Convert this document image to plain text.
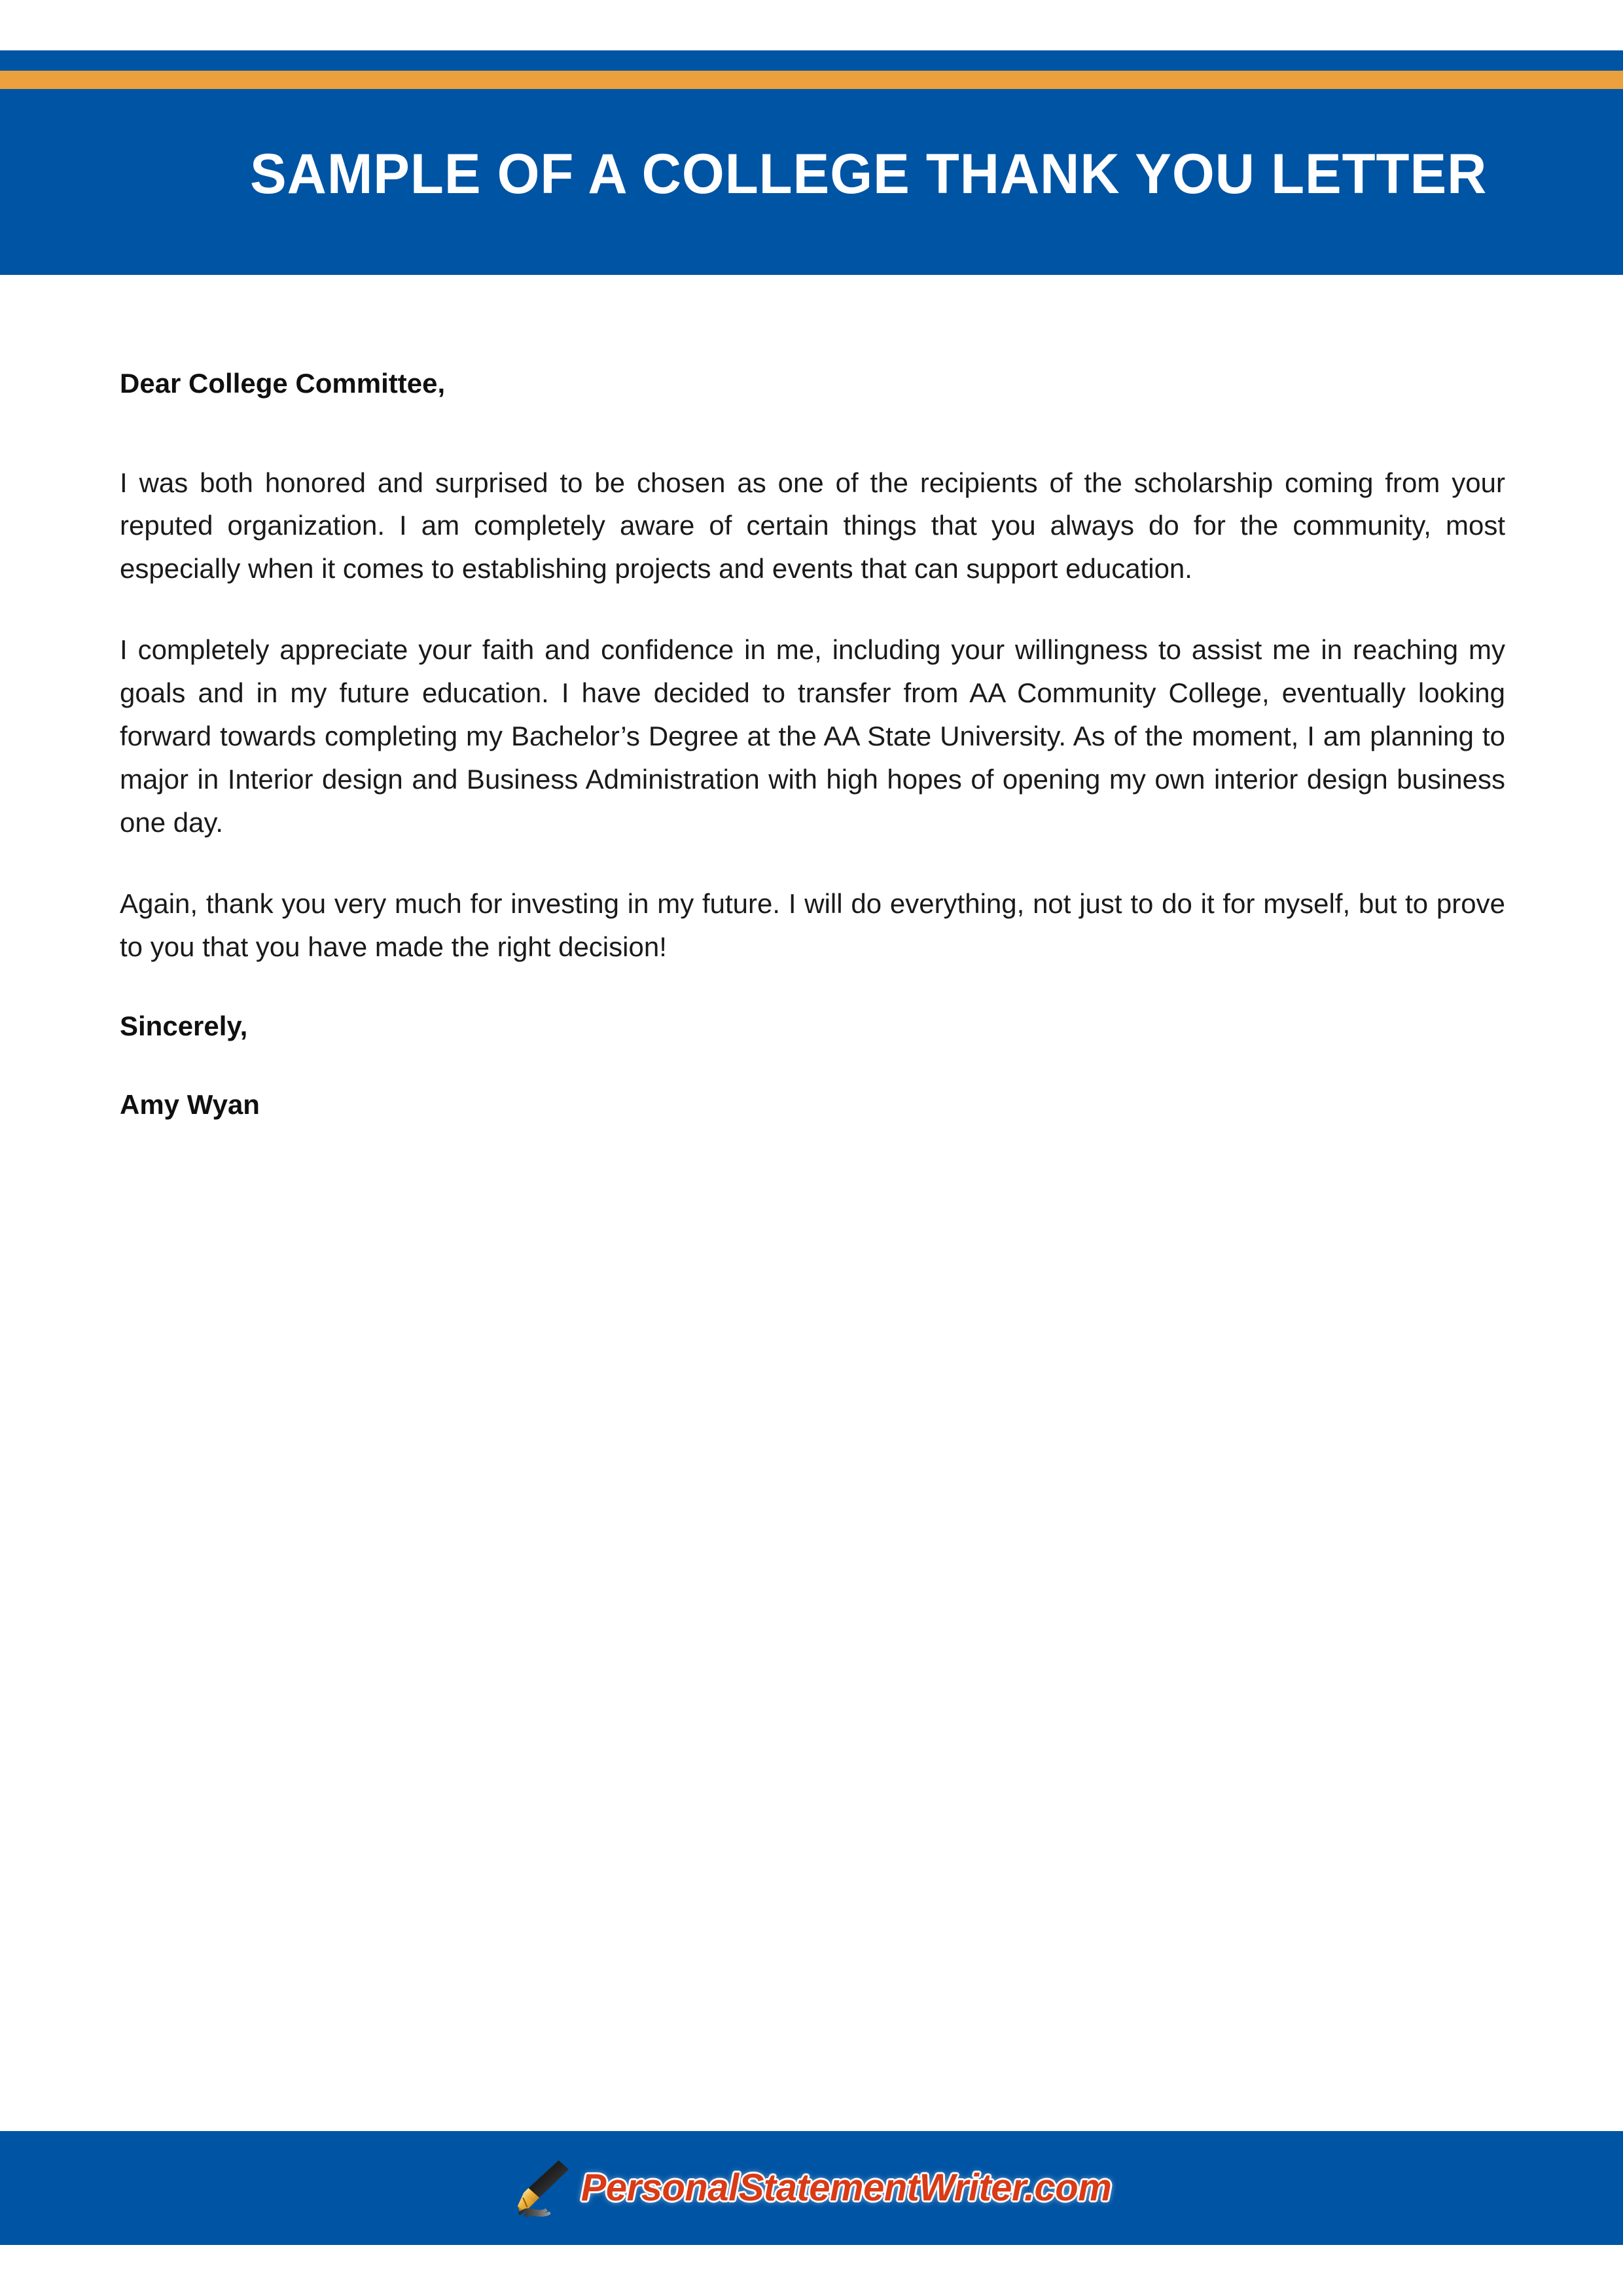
SAMPLE OF A COLLEGE THANK YOU LETTER

Dear College Committee,

I was both honored and surprised to be chosen as one of the recipients of the scholarship coming from your reputed organization. I am completely aware of certain things that you always do for the community, most especially when it comes to establishing projects and events that can support education.

I completely appreciate your faith and confidence in me, including your willingness to assist me in reaching my goals and in my future education. I have decided to transfer from AA Community College, eventually looking forward towards completing my Bachelor’s Degree at the AA State University. As of the moment, I am planning to major in Interior design and Business Administration with high hopes of opening my own interior design business one day.

Again, thank you very much for investing in my future. I will do everything, not just to do it for myself, but to prove to you that you have made the right decision!

Sincerely,

Amy Wyan

PersonalStatementWriter.com
